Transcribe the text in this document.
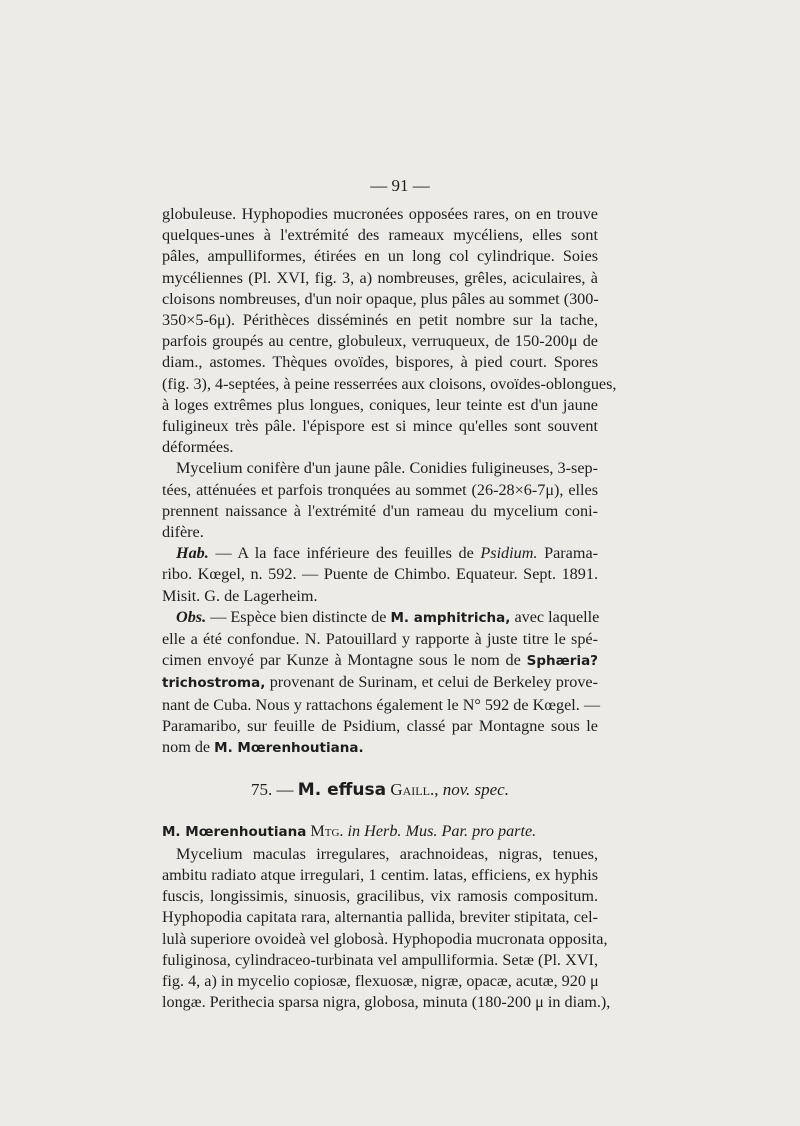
— 91 —
globuleuse. Hyphopodies mucronées opposées rares, on en trouve
quelques-unes à l'extrémité des rameaux mycéliens, elles sont
pâles, ampulliformes, étirées en un long col cylindrique. Soies
mycéliennes (Pl. XVI, fig. 3, a) nombreuses, grêles, aciculaires, à
cloisons nombreuses, d'un noir opaque, plus pâles au sommet (300-
350×5-6μ). Périthèces disséminés en petit nombre sur la tache,
parfois groupés au centre, globuleux, verruqueux, de 150-200μ de
diam., astomes. Thèques ovoïdes, bispores, à pied court. Spores
(fig. 3), 4-septées, à peine resserrées aux cloisons, ovoïdes-oblongues,
à loges extrêmes plus longues, coniques, leur teinte est d'un jaune
fuligineux très pâle. l'épispore est si mince qu'elles sont souvent
déformées.
Mycelium conifère d'un jaune pâle. Conidies fuligineuses, 3-sep-
tées, atténuées et parfois tronquées au sommet (26-28×6-7μ), elles
prennent naissance à l'extrémité d'un rameau du mycelium coni-
difère.
Hab. — A la face inférieure des feuilles de Psidium. Parama-
ribo. Kœgel, n. 592. — Puente de Chimbo. Equateur. Sept. 1891.
Misit. G. de Lagerheim.
Obs. — Espèce bien distincte de M. amphitricha, avec laquelle
elle a été confondue. N. Patouillard y rapporte à juste titre le spé-
cimen envoyé par Kunze à Montagne sous le nom de Sphæria?
trichostroma, provenant de Surinam, et celui de Berkeley prove-
nant de Cuba. Nous y rattachons également le N° 592 de Kœgel. —
Paramaribo, sur feuille de Psidium, classé par Montagne sous le
nom de M. Mœrenhoutiana.
75. — M. effusa Gaill., nov. spec.
M. Mœrenhoutiana Mtg. in Herb. Mus. Par. pro parte.
Mycelium maculas irregulares, arachnoideas, nigras, tenues,
ambitu radiato atque irregulari, 1 centim. latas, efficiens, ex hyphis
fuscis, longissimis, sinuosis, gracilibus, vix ramosis compositum.
Hyphopodia capitata rara, alternantia pallida, breviter stipitata, cel-
lulà superiore ovoideà vel globosà. Hyphopodia mucronata opposita,
fuliginosa, cylindraceo-turbinata vel ampulliformia. Setæ (Pl. XVI,
fig. 4, a) in mycelio copiosæ, flexuosæ, nigræ, opacæ, acutæ, 920 μ
longæ. Perithecia sparsa nigra, globosa, minuta (180-200 μ in diam.),
